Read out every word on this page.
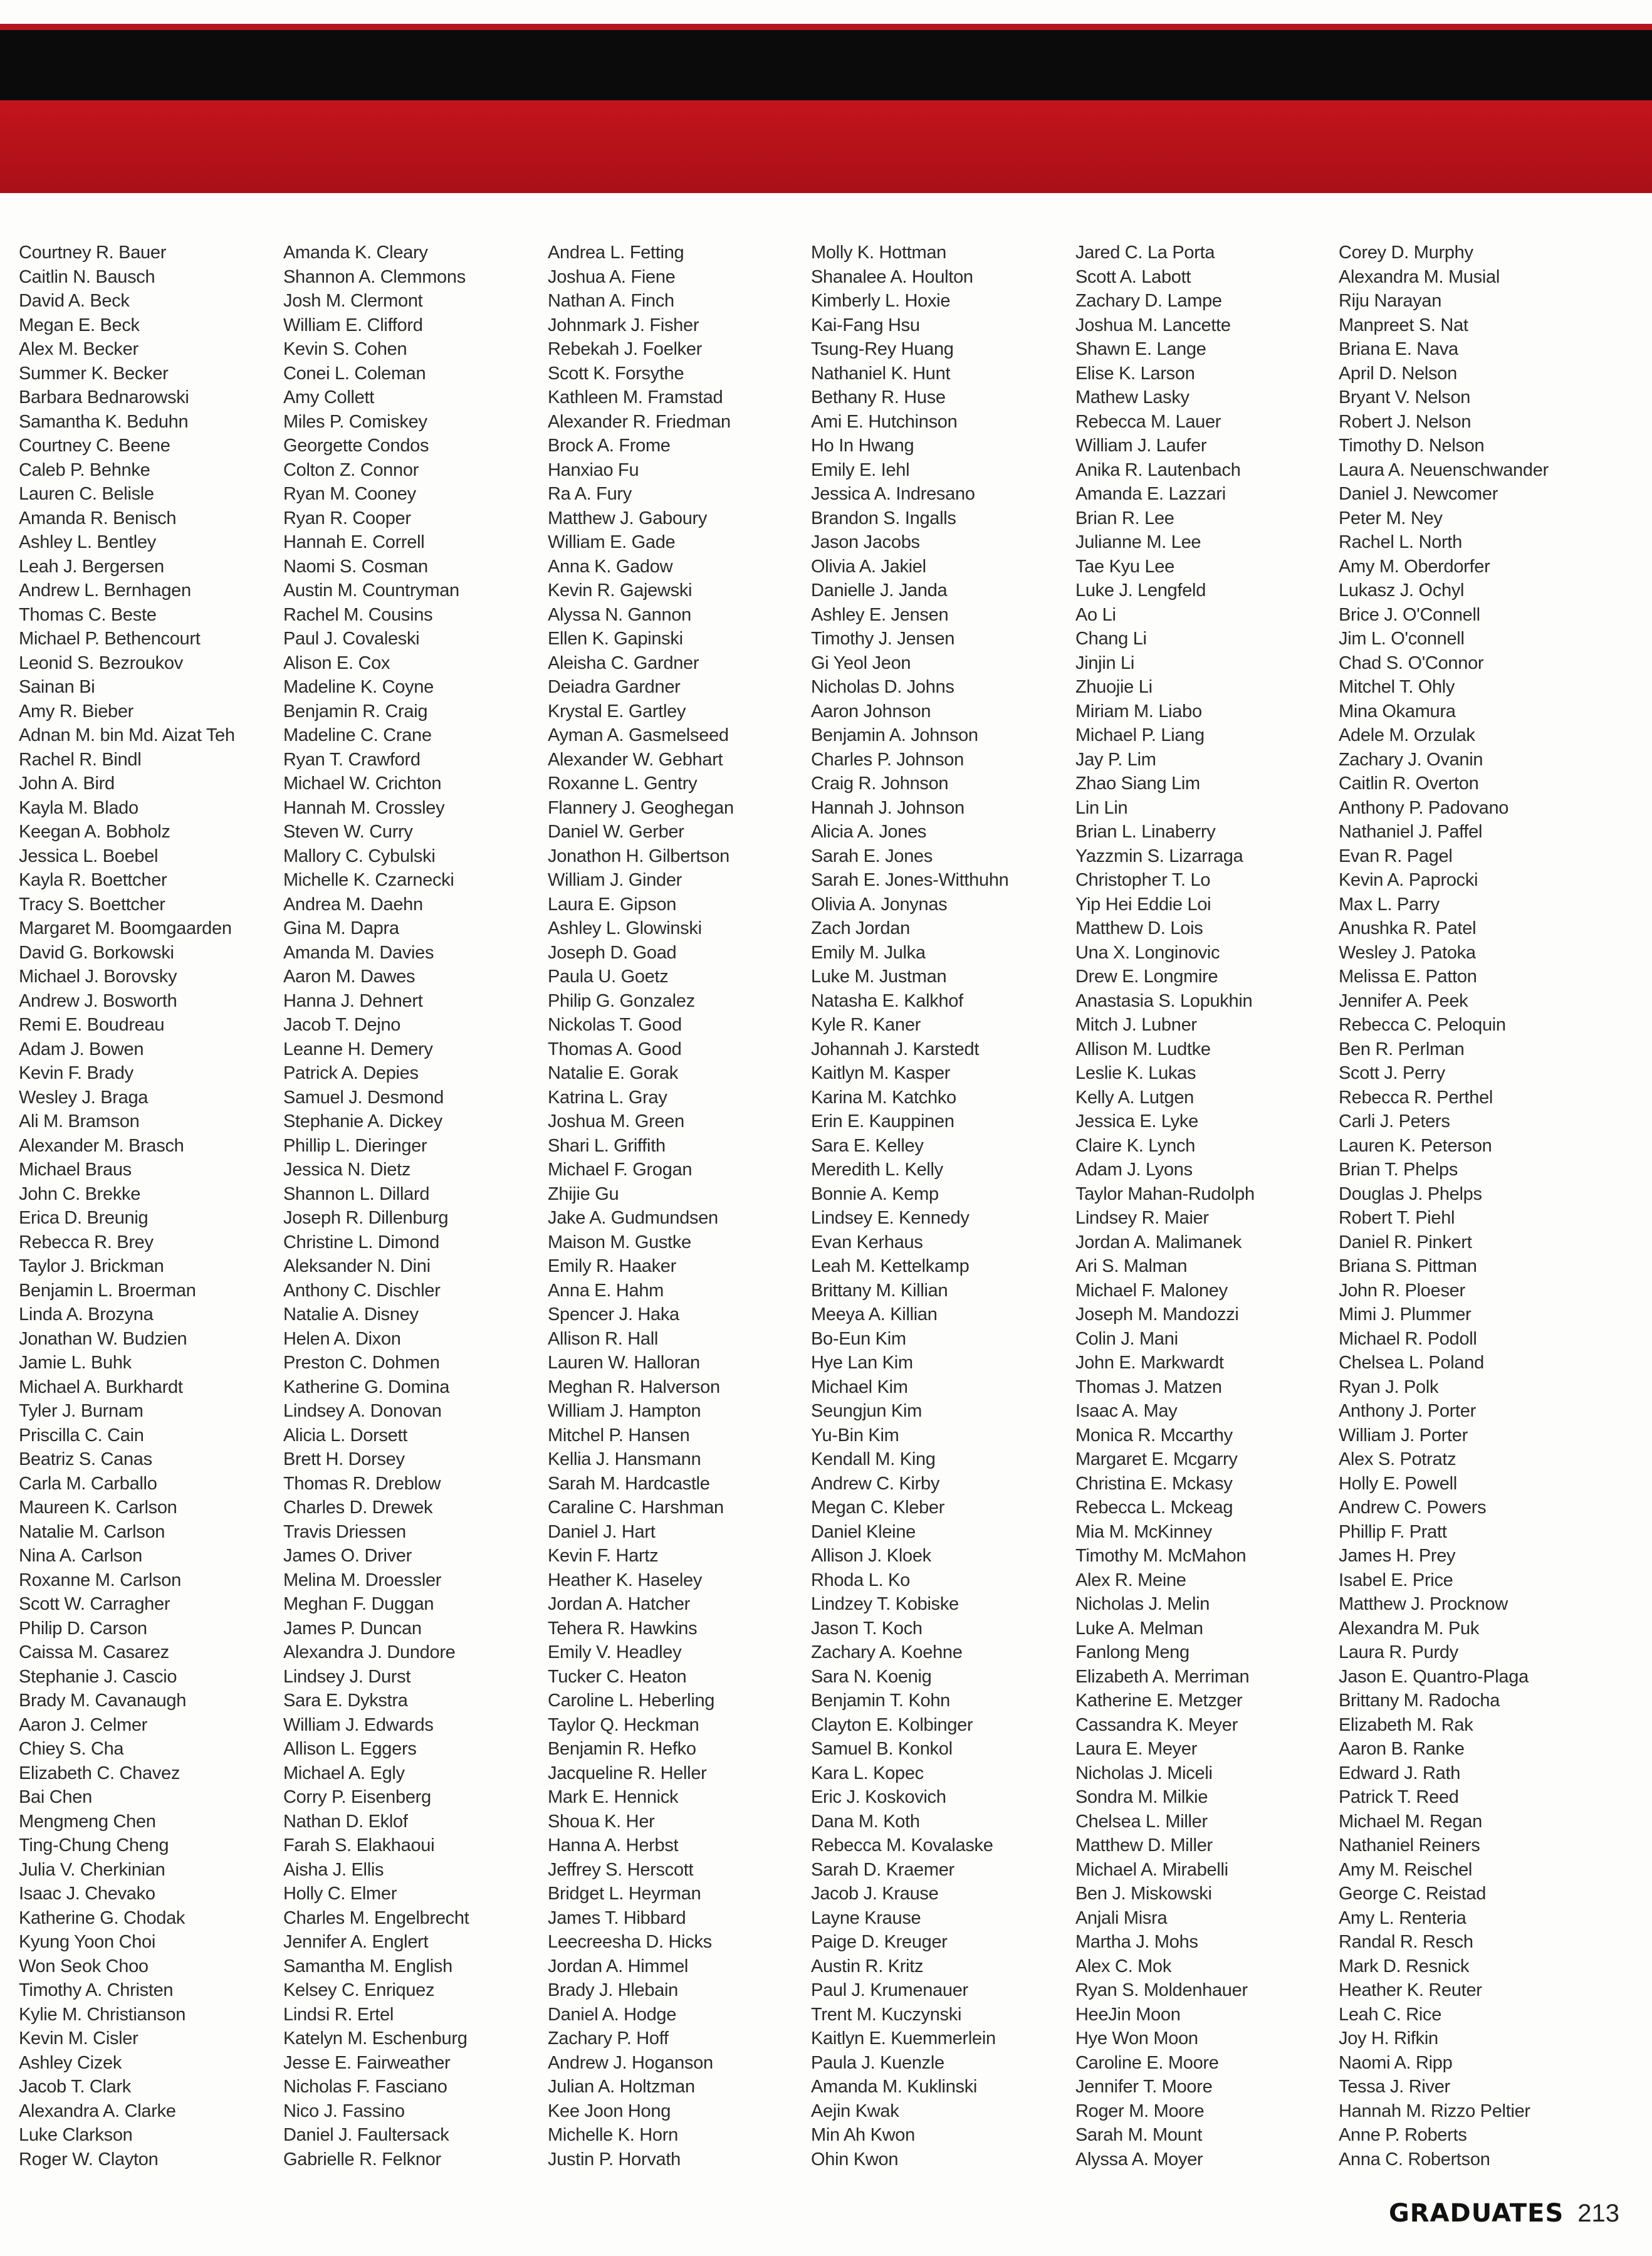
Courtney R. Bauer
Caitlin N. Bausch
David A. Beck
Megan E. Beck
Alex M. Becker
Summer K. Becker
Barbara Bednarowski
Samantha K. Beduhn
Courtney C. Beene
Caleb P. Behnke
Lauren C. Belisle
Amanda R. Benisch
Ashley L. Bentley
Leah J. Bergersen
Andrew L. Bernhagen
Thomas C. Beste
Michael P. Bethencourt
Leonid S. Bezroukov
Sainan Bi
Amy R. Bieber
Adnan M. bin Md. Aizat Teh
Rachel R. Bindl
John A. Bird
Kayla M. Blado
Keegan A. Bobholz
Jessica L. Boebel
Kayla R. Boettcher
Tracy S. Boettcher
Margaret M. Boomgaarden
David G. Borkowski
Michael J. Borovsky
Andrew J. Bosworth
Remi E. Boudreau
Adam J. Bowen
Kevin F. Brady
Wesley J. Braga
Ali M. Bramson
Alexander M. Brasch
Michael Braus
John C. Brekke
Erica D. Breunig
Rebecca R. Brey
Taylor J. Brickman
Benjamin L. Broerman
Linda A. Brozyna
Jonathan W. Budzien
Jamie L. Buhk
Michael A. Burkhardt
Tyler J. Burnam
Priscilla C. Cain
Beatriz S. Canas
Carla M. Carballo
Maureen K. Carlson
Natalie M. Carlson
Nina A. Carlson
Roxanne M. Carlson
Scott W. Carragher
Philip D. Carson
Caissa M. Casarez
Stephanie J. Cascio
Brady M. Cavanaugh
Aaron J. Celmer
Chiey S. Cha
Elizabeth C. Chavez
Bai Chen
Mengmeng Chen
Ting-Chung Cheng
Julia V. Cherkinian
Isaac J. Chevako
Katherine G. Chodak
Kyung Yoon Choi
Won Seok Choo
Timothy A. Christen
Kylie M. Christianson
Kevin M. Cisler
Ashley Cizek
Jacob T. Clark
Alexandra A. Clarke
Luke Clarkson
Roger W. Clayton
Amanda K. Cleary
Shannon A. Clemmons
Josh M. Clermont
William E. Clifford
Kevin S. Cohen
Conei L. Coleman
Amy Collett
Miles P. Comiskey
Georgette Condos
Colton Z. Connor
Ryan M. Cooney
Ryan R. Cooper
Hannah E. Correll
Naomi S. Cosman
Austin M. Countryman
Rachel M. Cousins
Paul J. Covaleski
Alison E. Cox
Madeline K. Coyne
Benjamin R. Craig
Madeline C. Crane
Ryan T. Crawford
Michael W. Crichton
Hannah M. Crossley
Steven W. Curry
Mallory C. Cybulski
Michelle K. Czarnecki
Andrea M. Daehn
Gina M. Dapra
Amanda M. Davies
Aaron M. Dawes
Hanna J. Dehnert
Jacob T. Dejno
Leanne H. Demery
Patrick A. Depies
Samuel J. Desmond
Stephanie A. Dickey
Phillip L. Dieringer
Jessica N. Dietz
Shannon L. Dillard
Joseph R. Dillenburg
Christine L. Dimond
Aleksander N. Dini
Anthony C. Dischler
Natalie A. Disney
Helen A. Dixon
Preston C. Dohmen
Katherine G. Domina
Lindsey A. Donovan
Alicia L. Dorsett
Brett H. Dorsey
Thomas R. Dreblow
Charles D. Drewek
Travis Driessen
James O. Driver
Melina M. Droessler
Meghan F. Duggan
James P. Duncan
Alexandra J. Dundore
Lindsey J. Durst
Sara E. Dykstra
William J. Edwards
Allison L. Eggers
Michael A. Egly
Corry P. Eisenberg
Nathan D. Eklof
Farah S. Elakhaoui
Aisha J. Ellis
Holly C. Elmer
Charles M. Engelbrecht
Jennifer A. Englert
Samantha M. English
Kelsey C. Enriquez
Lindsi R. Ertel
Katelyn M. Eschenburg
Jesse E. Fairweather
Nicholas F. Fasciano
Nico J. Fassino
Daniel J. Faultersack
Gabrielle R. Felknor
Andrea L. Fetting
Joshua A. Fiene
Nathan A. Finch
Johnmark J. Fisher
Rebekah J. Foelker
Scott K. Forsythe
Kathleen M. Framstad
Alexander R. Friedman
Brock A. Frome
Hanxiao Fu
Ra A. Fury
Matthew J. Gaboury
William E. Gade
Anna K. Gadow
Kevin R. Gajewski
Alyssa N. Gannon
Ellen K. Gapinski
Aleisha C. Gardner
Deiadra Gardner
Krystal E. Gartley
Ayman A. Gasmelseed
Alexander W. Gebhart
Roxanne L. Gentry
Flannery J. Geoghegan
Daniel W. Gerber
Jonathon H. Gilbertson
William J. Ginder
Laura E. Gipson
Ashley L. Glowinski
Joseph D. Goad
Paula U. Goetz
Philip G. Gonzalez
Nickolas T. Good
Thomas A. Good
Natalie E. Gorak
Katrina L. Gray
Joshua M. Green
Shari L. Griffith
Michael F. Grogan
Zhijie Gu
Jake A. Gudmundsen
Maison M. Gustke
Emily R. Haaker
Anna E. Hahm
Spencer J. Haka
Allison R. Hall
Lauren W. Halloran
Meghan R. Halverson
William J. Hampton
Mitchel P. Hansen
Kellia J. Hansmann
Sarah M. Hardcastle
Caraline C. Harshman
Daniel J. Hart
Kevin F. Hartz
Heather K. Haseley
Jordan A. Hatcher
Tehera R. Hawkins
Emily V. Headley
Tucker C. Heaton
Caroline L. Heberling
Taylor Q. Heckman
Benjamin R. Hefko
Jacqueline R. Heller
Mark E. Hennick
Shoua K. Her
Hanna A. Herbst
Jeffrey S. Herscott
Bridget L. Heyrman
James T. Hibbard
Leecreesha D. Hicks
Jordan A. Himmel
Brady J. Hlebain
Daniel A. Hodge
Zachary P. Hoff
Andrew J. Hoganson
Julian A. Holtzman
Kee Joon Hong
Michelle K. Horn
Justin P. Horvath
Molly K. Hottman
Shanalee A. Houlton
Kimberly L. Hoxie
Kai-Fang Hsu
Tsung-Rey Huang
Nathaniel K. Hunt
Bethany R. Huse
Ami E. Hutchinson
Ho In Hwang
Emily E. Iehl
Jessica A. Indresano
Brandon S. Ingalls
Jason Jacobs
Olivia A. Jakiel
Danielle J. Janda
Ashley E. Jensen
Timothy J. Jensen
Gi Yeol Jeon
Nicholas D. Johns
Aaron Johnson
Benjamin A. Johnson
Charles P. Johnson
Craig R. Johnson
Hannah J. Johnson
Alicia A. Jones
Sarah E. Jones
Sarah E. Jones-Witthuhn
Olivia A. Jonynas
Zach Jordan
Emily M. Julka
Luke M. Justman
Natasha E. Kalkhof
Kyle R. Kaner
Johannah J. Karstedt
Kaitlyn M. Kasper
Karina M. Katchko
Erin E. Kauppinen
Sara E. Kelley
Meredith L. Kelly
Bonnie A. Kemp
Lindsey E. Kennedy
Evan Kerhaus
Leah M. Kettelkamp
Brittany M. Killian
Meeya A. Killian
Bo-Eun Kim
Hye Lan Kim
Michael Kim
Seungjun Kim
Yu-Bin Kim
Kendall M. King
Andrew C. Kirby
Megan C. Kleber
Daniel Kleine
Allison J. Kloek
Rhoda L. Ko
Lindzey T. Kobiske
Jason T. Koch
Zachary A. Koehne
Sara N. Koenig
Benjamin T. Kohn
Clayton E. Kolbinger
Samuel B. Konkol
Kara L. Kopec
Eric J. Koskovich
Dana M. Koth
Rebecca M. Kovalaske
Sarah D. Kraemer
Jacob J. Krause
Layne Krause
Paige D. Kreuger
Austin R. Kritz
Paul J. Krumenauer
Trent M. Kuczynski
Kaitlyn E. Kuemmerlein
Paula J. Kuenzle
Amanda M. Kuklinski
Aejin Kwak
Min Ah Kwon
Ohin Kwon
Jared C. La Porta
Scott A. Labott
Zachary D. Lampe
Joshua M. Lancette
Shawn E. Lange
Elise K. Larson
Mathew Lasky
Rebecca M. Lauer
William J. Laufer
Anika R. Lautenbach
Amanda E. Lazzari
Brian R. Lee
Julianne M. Lee
Tae Kyu Lee
Luke J. Lengfeld
Ao Li
Chang Li
Jinjin Li
Zhuojie Li
Miriam M. Liabo
Michael P. Liang
Jay P. Lim
Zhao Siang Lim
Lin Lin
Brian L. Linaberry
Yazzmin S. Lizarraga
Christopher T. Lo
Yip Hei Eddie Loi
Matthew D. Lois
Una X. Longinovic
Drew E. Longmire
Anastasia S. Lopukhin
Mitch J. Lubner
Allison M. Ludtke
Leslie K. Lukas
Kelly A. Lutgen
Jessica E. Lyke
Claire K. Lynch
Adam J. Lyons
Taylor Mahan-Rudolph
Lindsey R. Maier
Jordan A. Malimanek
Ari S. Malman
Michael F. Maloney
Joseph M. Mandozzi
Colin J. Mani
John E. Markwardt
Thomas J. Matzen
Isaac A. May
Monica R. Mccarthy
Margaret E. Mcgarry
Christina E. Mckasy
Rebecca L. Mckeag
Mia M. McKinney
Timothy M. McMahon
Alex R. Meine
Nicholas J. Melin
Luke A. Melman
Fanlong Meng
Elizabeth A. Merriman
Katherine E. Metzger
Cassandra K. Meyer
Laura E. Meyer
Nicholas J. Miceli
Sondra M. Milkie
Chelsea L. Miller
Matthew D. Miller
Michael A. Mirabelli
Ben J. Miskowski
Anjali Misra
Martha J. Mohs
Alex C. Mok
Ryan S. Moldenhauer
HeeJin Moon
Hye Won Moon
Caroline E. Moore
Jennifer T. Moore
Roger M. Moore
Sarah M. Mount
Alyssa A. Moyer
Corey D. Murphy
Alexandra M. Musial
Riju Narayan
Manpreet S. Nat
Briana E. Nava
April D. Nelson
Bryant V. Nelson
Robert J. Nelson
Timothy D. Nelson
Laura A. Neuenschwander
Daniel J. Newcomer
Peter M. Ney
Rachel L. North
Amy M. Oberdorfer
Lukasz J. Ochyl
Brice J. O'Connell
Jim L. O'connell
Chad S. O'Connor
Mitchel T. Ohly
Mina Okamura
Adele M. Orzulak
Zachary J. Ovanin
Caitlin R. Overton
Anthony P. Padovano
Nathaniel J. Paffel
Evan R. Pagel
Kevin A. Paprocki
Max L. Parry
Anushka R. Patel
Wesley J. Patoka
Melissa E. Patton
Jennifer A. Peek
Rebecca C. Peloquin
Ben R. Perlman
Scott J. Perry
Rebecca R. Perthel
Carli J. Peters
Lauren K. Peterson
Brian T. Phelps
Douglas J. Phelps
Robert T. Piehl
Daniel R. Pinkert
Briana S. Pittman
John R. Ploeser
Mimi J. Plummer
Michael R. Podoll
Chelsea L. Poland
Ryan J. Polk
Anthony J. Porter
William J. Porter
Alex S. Potratz
Holly E. Powell
Andrew C. Powers
Phillip F. Pratt
James H. Prey
Isabel E. Price
Matthew J. Procknow
Alexandra M. Puk
Laura R. Purdy
Jason E. Quantro-Plaga
Brittany M. Radocha
Elizabeth M. Rak
Aaron B. Ranke
Edward J. Rath
Patrick T. Reed
Michael M. Regan
Nathaniel Reiners
Amy M. Reischel
George C. Reistad
Amy L. Renteria
Randal R. Resch
Mark D. Resnick
Heather K. Reuter
Leah C. Rice
Joy H. Rifkin
Naomi A. Ripp
Tessa J. River
Hannah M. Rizzo Peltier
Anne P. Roberts
Anna C. Robertson
GRADUATES 213
